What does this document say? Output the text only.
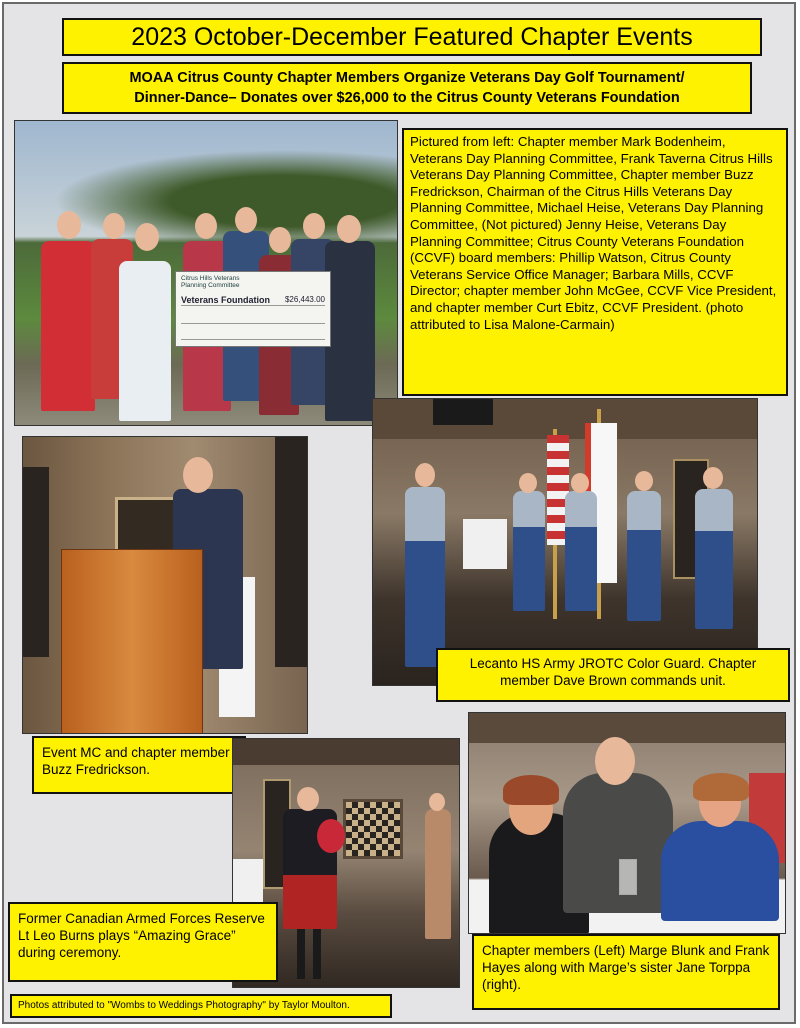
2023 October-December Featured Chapter Events
MOAA Citrus County Chapter Members Organize Veterans Day Golf Tournament/
Dinner-Dance– Donates over $26,000 to the Citrus County Veterans Foundation
Citrus Hills Veterans Planning Committee
Veterans Foundation $26,443.00
Pictured from left: Chapter member Mark Bodenheim, Veterans Day Planning Committee, Frank Taverna Citrus Hills Veterans Day Planning Committee, Chapter member Buzz Fredrickson, Chairman of the Citrus Hills Veterans Day Planning Committee, Michael Heise, Veterans Day Planning Committee, (Not pictured) Jenny Heise, Veterans Day Planning Committee; Citrus County Veterans Foundation (CCVF) board members: Phillip Watson, Citrus County Veterans Service Office Manager; Barbara Mills, CCVF Director; chapter member John McGee, CCVF Vice President, and chapter member Curt Ebitz, CCVF President. (photo attributed to Lisa Malone-Carmain)
Event MC and chapter member Buzz Fredrickson.
Lecanto HS Army JROTC Color Guard. Chapter member Dave Brown commands unit.
Former Canadian Armed Forces Reserve Lt Leo Burns plays “Amazing Grace” during ceremony.
Photos attributed to "Wombs to Weddings Photography" by Taylor Moulton.
Chapter members (Left) Marge Blunk and Frank Hayes along with Marge’s sister Jane Torppa (right).
